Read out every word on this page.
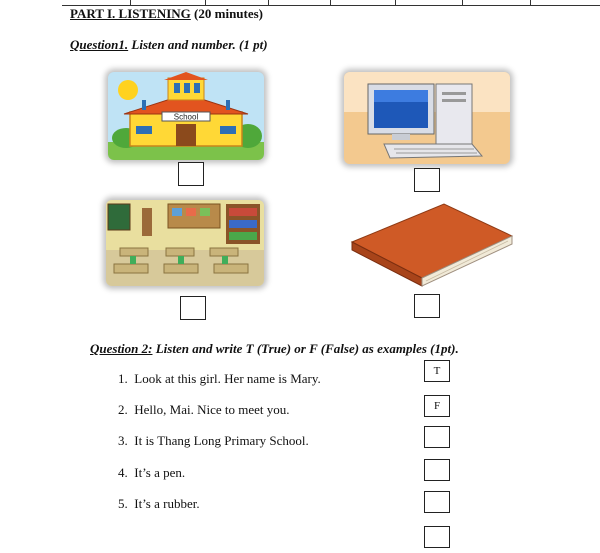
PART I. LISTENING (20 minutes)
Question1. Listen and number. (1 pt)
School
Question 2: Listen and write T (True) or F (False) as examples (1pt).
1. Look at this girl. Her name is Mary.	T
2. Hello, Mai. Nice to meet you.	F
3. It is Thang Long Primary School.
4. It’s a pen.
5. It’s a rubber.
